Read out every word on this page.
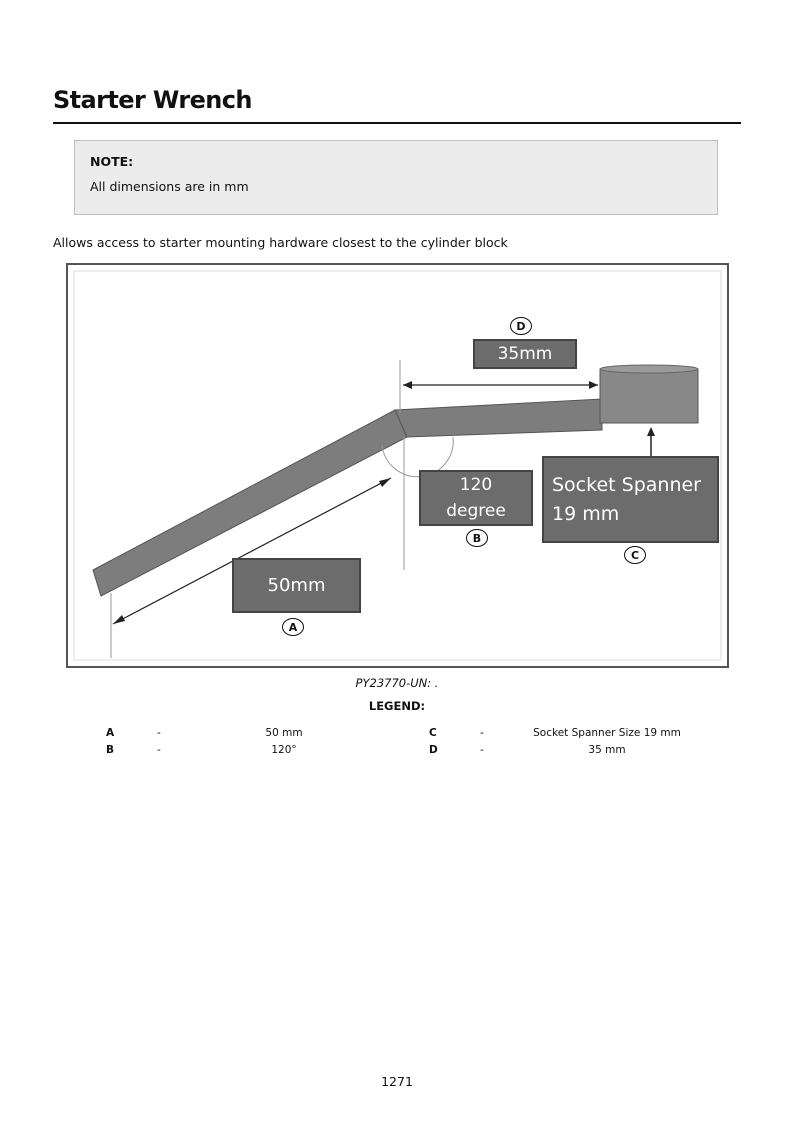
Starter Wrench
NOTE:
All dimensions are in mm
Allows access to starter mounting hardware closest to the cylinder block
35mm
D
120
degree
B
Socket Spanner
19 mm
C
50mm
A
PY23770-UN: .
LEGEND:
A	-	50 mm
B	-	120°
C	-	Socket Spanner Size 19 mm
D	-	35 mm
1271
